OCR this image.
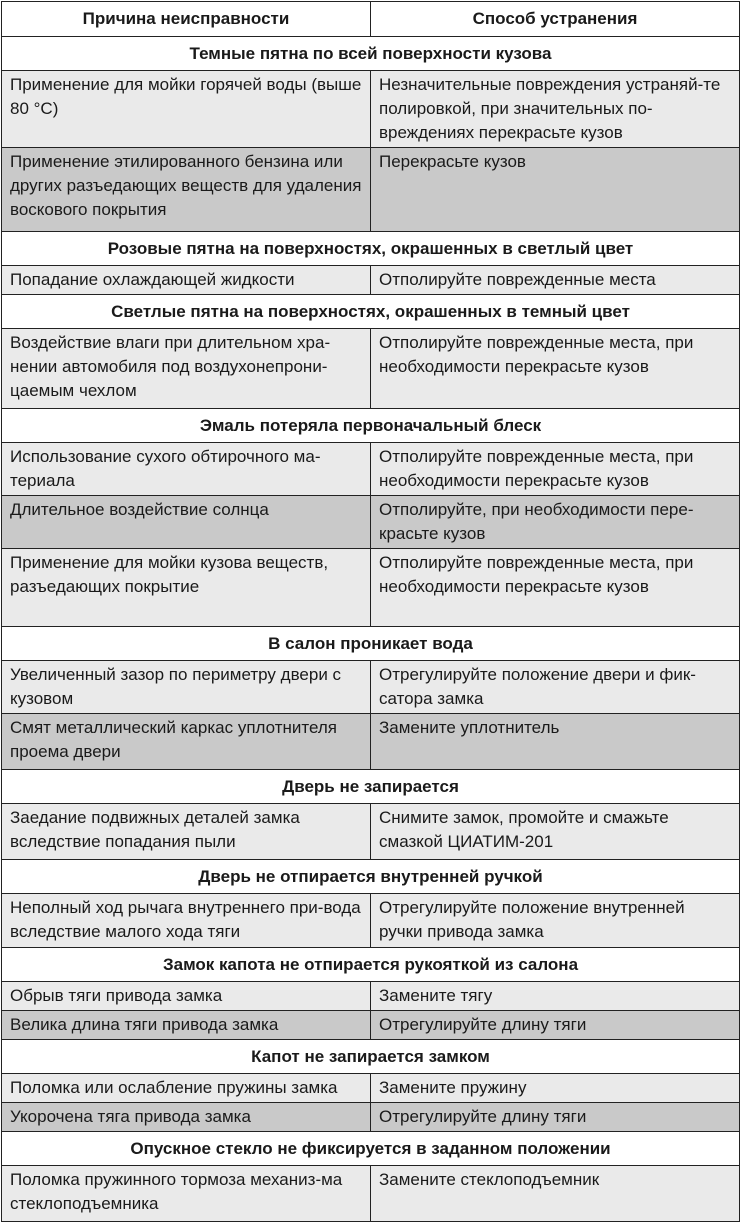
Причина неисправности	Способ устранения
Темные пятна по всей поверхности кузова	
Применение для мойки горячей воды (выше 80 °С)	Незначительные повреждения устраняй-те полировкой, при значительных по-вреждениях перекрасьте кузов
Применение этилированного бензина или других разъедающих веществ для удаления воскового покрытия	Перекрасьте кузов
Розовые пятна на поверхностях, окрашенных в светлый цвет	
Попадание охлаждающей жидкости	Отполируйте поврежденные места
Светлые пятна на поверхностях, окрашенных в темный цвет	
Воздействие влаги при длительном хра-нении автомобиля под воздухонепрони-цаемым чехлом	Отполируйте поврежденные места, при необходимости перекрасьте кузов
Эмаль потеряла первоначальный блеск	
Использование сухого обтирочного ма-териала	Отполируйте поврежденные места, при необходимости перекрасьте кузов
Длительное воздействие солнца	Отполируйте, при необходимости пере-красьте кузов
Применение для мойки кузова веществ, разъедающих покрытие	Отполируйте поврежденные места, при необходимости перекрасьте кузов
В салон проникает вода	
Увеличенный зазор по периметру двери с кузовом	Отрегулируйте положение двери и фик-сатора замка
Смят металлический каркас уплотнителя проема двери	Замените уплотнитель
Дверь не запирается	
Заедание подвижных деталей замка вследствие попадания пыли	Снимите замок, промойте и смажьте смазкой ЦИАТИМ-201
Дверь не отпирается внутренней ручкой	
Неполный ход рычага внутреннего при-вода вследствие малого хода тяги	Отрегулируйте положение внутренней ручки привода замка
Замок капота не отпирается рукояткой из салона	
Обрыв тяги привода замка	Замените тягу
Велика длина тяги привода замка	Отрегулируйте длину тяги
Капот не запирается замком	
Поломка или ослабление пружины замка	Замените пружину
Укорочена тяга привода замка	Отрегулируйте длину тяги
Опускное стекло не фиксируется в заданном положении	
Поломка пружинного тормоза механиз-ма стеклоподъемника	Замените стеклоподъемник
